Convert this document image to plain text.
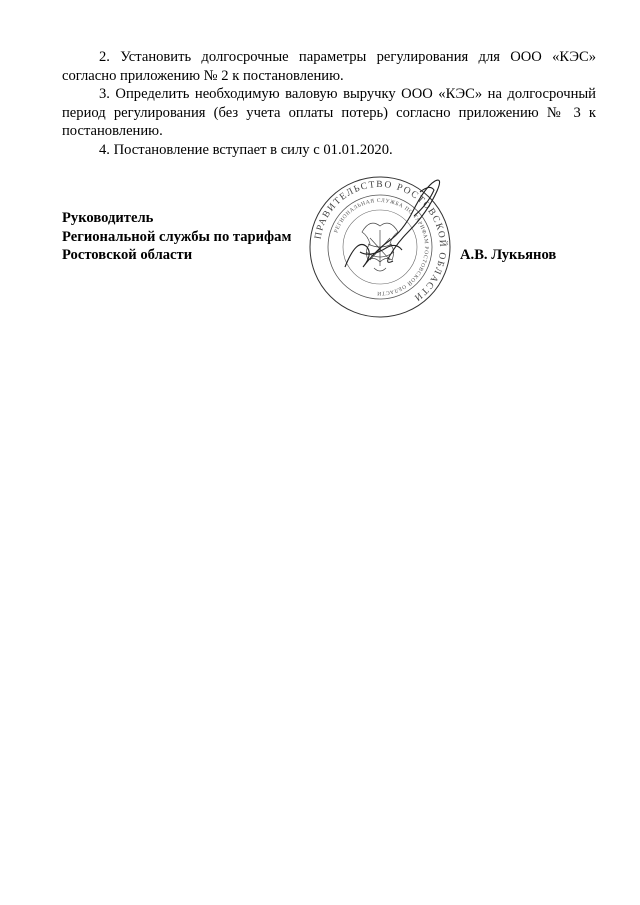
2. Установить долгосрочные параметры регулирования для ООО «КЭС» согласно приложению № 2 к постановлению.

3. Определить необходимую валовую выручку ООО «КЭС» на долгосрочный период регулирования (без учета оплаты потерь) согласно приложению № 3 к постановлению.

4. Постановление вступает в силу с 01.01.2020.

Руководитель
Региональной службы по тарифам
Ростовской области	А.В. Лукьянов
ПРАВИТЕЛЬСТВО РОСТОВСКОЙ ОБЛАСТИ
РЕГИОНАЛЬНАЯ СЛУЖБА ПО ТАРИФАМ РОСТОВСКОЙ ОБЛАСТИ
